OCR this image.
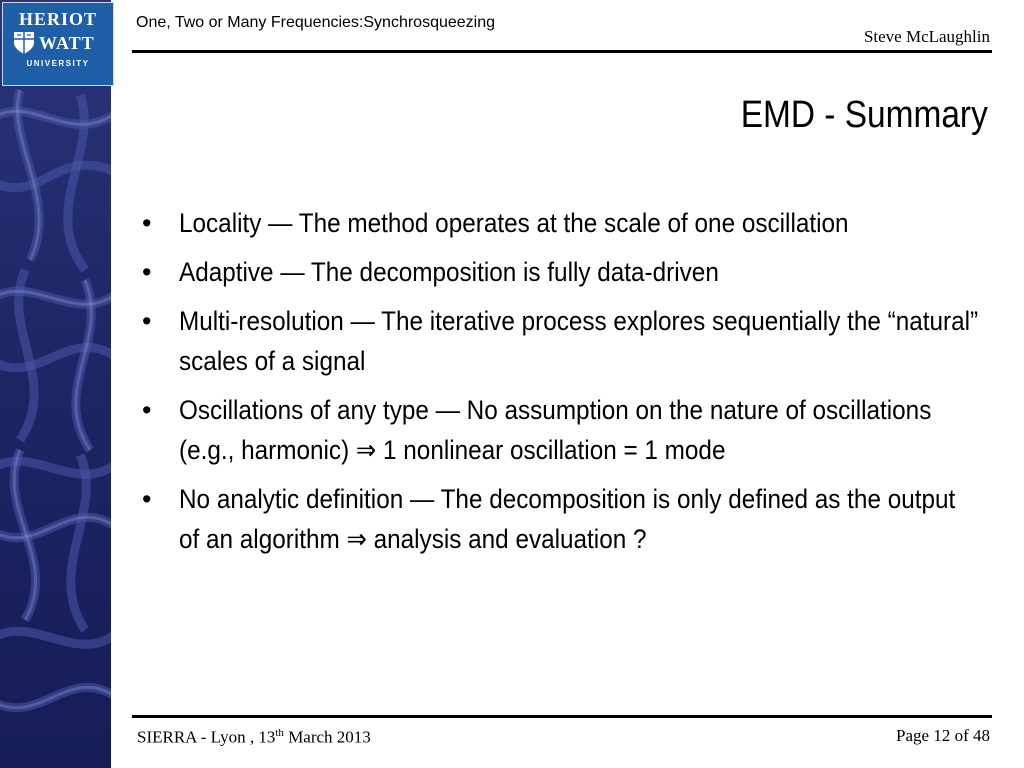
HERIOT
WATT
UNIVERSITY
One, Two or Many Frequencies:Synchrosqueezing
Steve McLaughlin
EMD - Summary
• Locality — The method operates at the scale of one oscillation
• Adaptive — The decomposition is fully data-driven
• Multi-resolution — The iterative process explores sequentially the “natural” scales of a signal
• Oscillations of any type — No assumption on the nature of oscillations (e.g., harmonic) ⇒ 1 nonlinear oscillation = 1 mode
• No analytic definition — The decomposition is only defined as the output of an algorithm ⇒ analysis and evaluation ?
SIERRA - Lyon , 13th March 2013	Page 12 of 48
